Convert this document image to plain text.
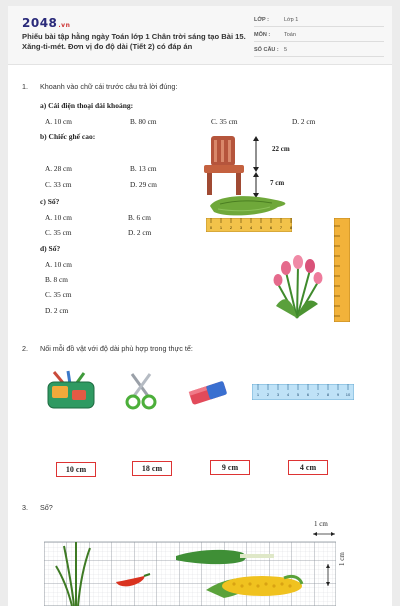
2048.vn
Phiếu bài tập hằng ngày Toán lớp 1 Chân trời sáng tạo Bài 15. Xăng-ti-mét. Đơn vị đo độ dài (Tiết 2) có đáp án
LỚP :	Lớp 1
MÔN :	Toán
SỐ CÂU : 5
1. Khoanh vào chữ cái trước câu trả lời đúng:
a) Cái điện thoại dài khoảng:
A. 10 cm	B. 80 cm	C. 35 cm	D. 2 cm
b) Chiếc ghế cao:
A. 28 cm	B. 13 cm
C. 33 cm	D. 29 cm
22 cm
7 cm
c) Số?
A. 10 cm	B. 6 cm
C. 35 cm	D. 2 cm
0 1 2 3 4 5 6 7 8
d) Số?
A. 10 cm
B. 8 cm
C. 35 cm
D. 2 cm
2. Nối mỗi đồ vật với độ dài phù hợp trong thực tế:
1 2 3 4 5 6 7 8 9 10
10 cm	18 cm	9 cm	4 cm
3. Số?
1 cm
1 cm
